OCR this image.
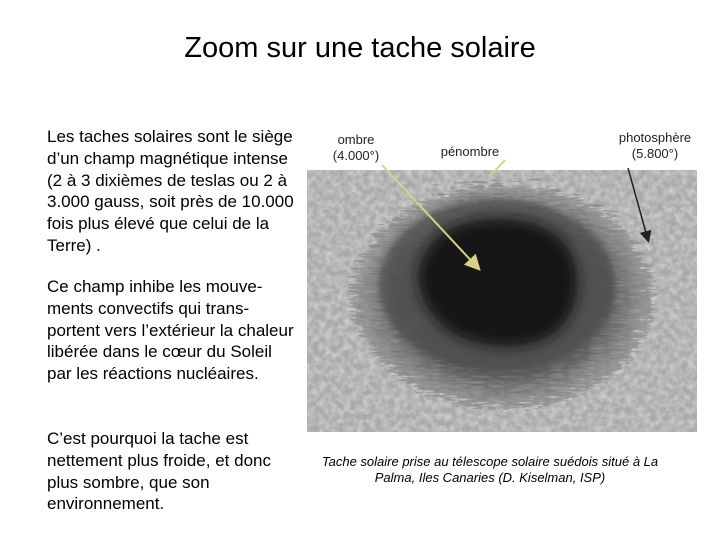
Zoom sur une tache solaire

Les taches solaires sont le siège d’un champ magnétique intense (2 à 3 dixièmes de teslas ou 2 à 3.000 gauss, soit près de 10.000 fois plus élevé que celui de la Terre) .

Ce champ inhibe les mouve-ments convectifs qui trans-portent vers l’extérieur la chaleur libérée dans le cœur du Soleil par les réactions nucléaires.

C’est pourquoi la tache est nettement plus froide, et donc plus sombre, que son environnement.

ombre
(4.000°)	pénombre
photosphère
(5.800°)

Tache solaire prise au télescope solaire suédois situé à La Palma, Iles Canaries (D. Kiselman, ISP)
